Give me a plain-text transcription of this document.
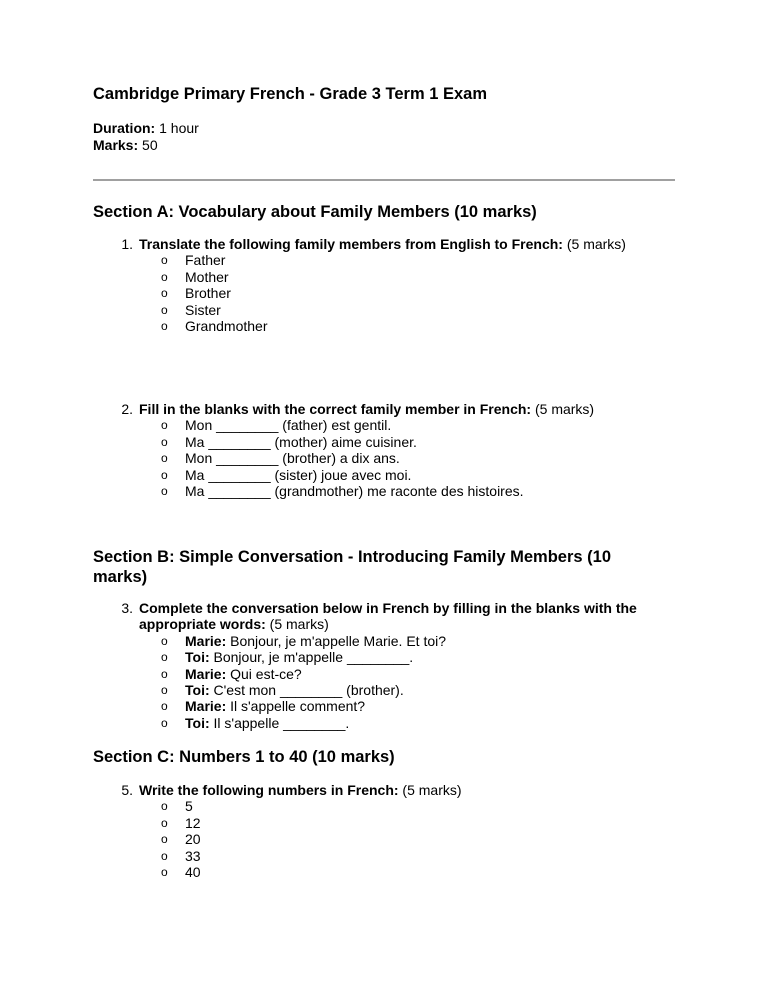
Cambridge Primary French - Grade 3 Term 1 Exam
Duration: 1 hour
Marks: 50
Section A: Vocabulary about Family Members (10 marks)
1. Translate the following family members from English to French: (5 marks)
o Father
o Mother
o Brother
o Sister
o Grandmother
2. Fill in the blanks with the correct family member in French: (5 marks)
o Mon ________ (father) est gentil.
o Ma ________ (mother) aime cuisiner.
o Mon ________ (brother) a dix ans.
o Ma ________ (sister) joue avec moi.
o Ma ________ (grandmother) me raconte des histoires.
Section B: Simple Conversation - Introducing Family Members (10 marks)
3. Complete the conversation below in French by filling in the blanks with the appropriate words: (5 marks)
o Marie: Bonjour, je m'appelle Marie. Et toi?
o Toi: Bonjour, je m'appelle ________.
o Marie: Qui est-ce?
o Toi: C'est mon ________ (brother).
o Marie: Il s'appelle comment?
o Toi: Il s'appelle ________.
Section C: Numbers 1 to 40 (10 marks)
5. Write the following numbers in French: (5 marks)
o 5
o 12
o 20
o 33
o 40
